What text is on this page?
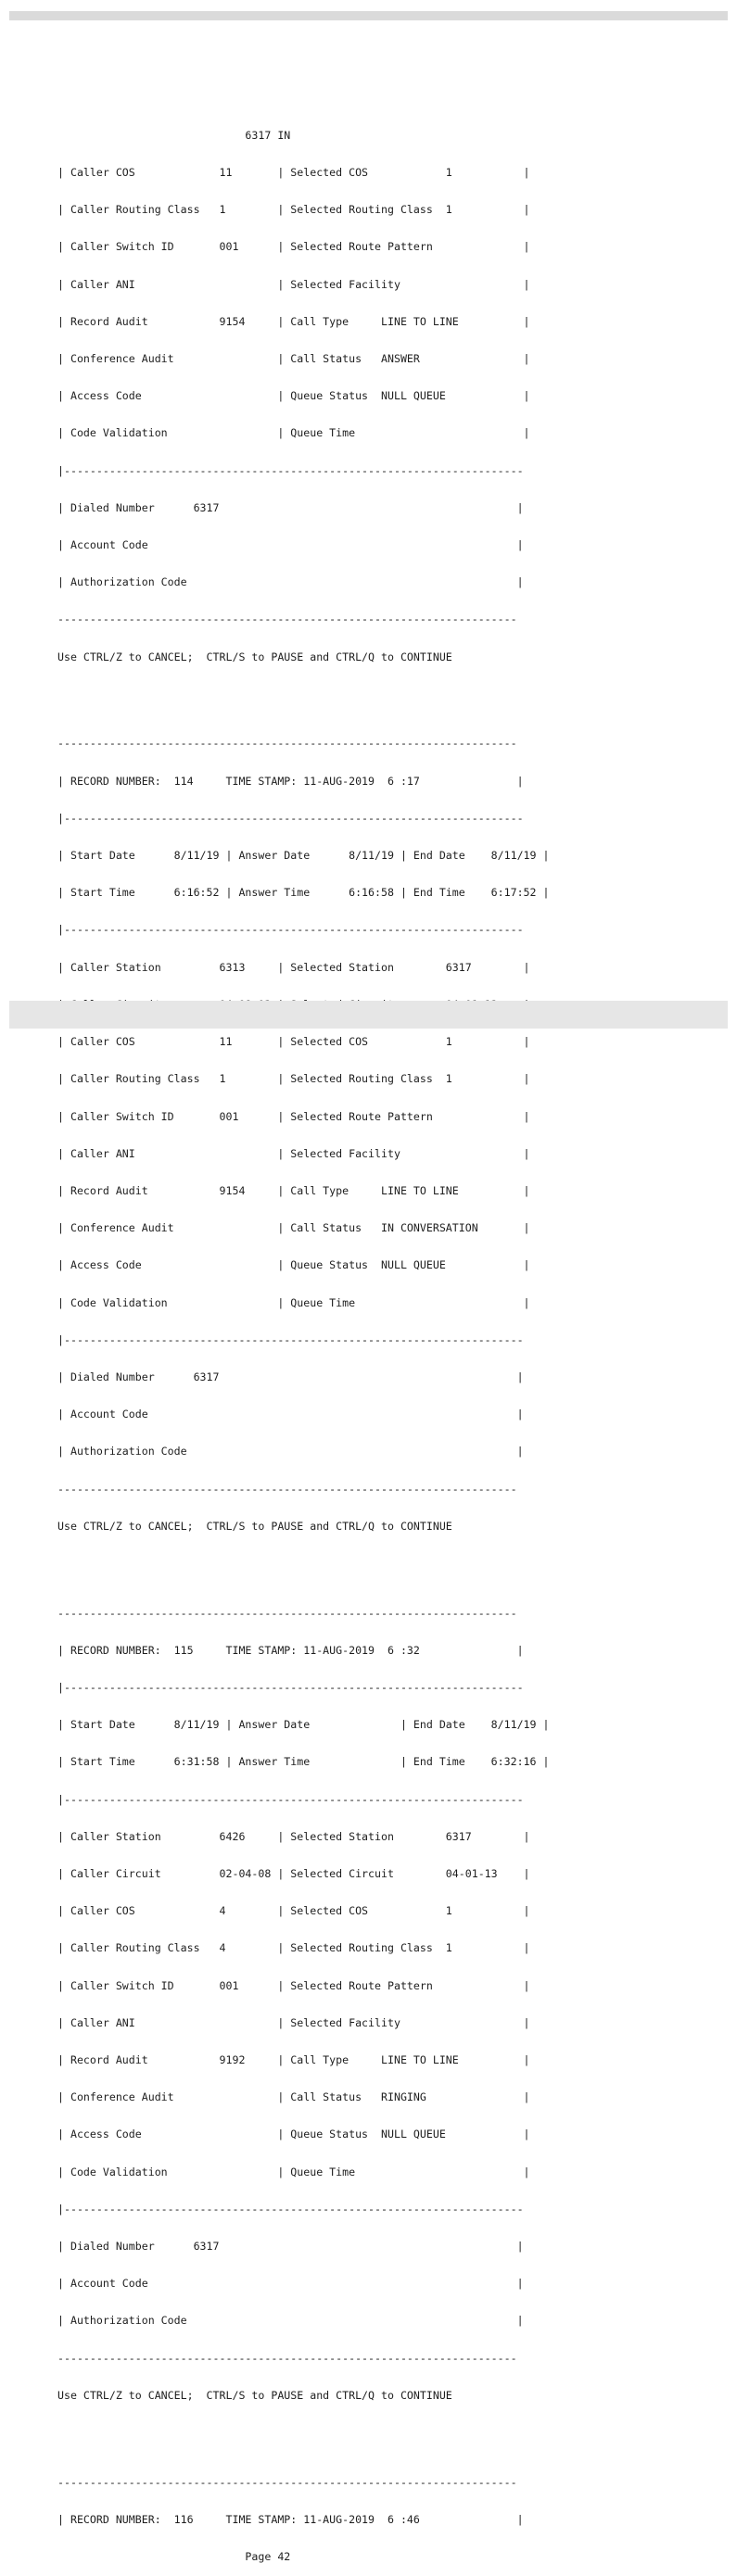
6317 IN

| Caller COS             11       | Selected COS            1           |

| Caller Routing Class   1        | Selected Routing Class  1           |

| Caller Switch ID       001      | Selected Route Pattern              |

| Caller ANI                      | Selected Facility                   |

| Record Audit           9154     | Call Type     LINE TO LINE          |

| Conference Audit                | Call Status   ANSWER                |

| Access Code                     | Queue Status  NULL QUEUE            |

| Code Validation                 | Queue Time                          |

|-----------------------------------------------------------------------

| Dialed Number      6317                                              |

| Account Code                                                         |

| Authorization Code                                                   |

-----------------------------------------------------------------------

Use CTRL/Z to CANCEL;  CTRL/S to PAUSE and CTRL/Q to CONTINUE

-----------------------------------------------------------------------

| RECORD NUMBER:  114     TIME STAMP: 11-AUG-2019  6 :17               |

|-----------------------------------------------------------------------

| Start Date      8/11/19 | Answer Date      8/11/19 | End Date    8/11/19 |

| Start Time      6:16:52 | Answer Time      6:16:58 | End Time    6:17:52 |

|-----------------------------------------------------------------------

| Caller Station         6313     | Selected Station        6317        |

| Caller COS             11       | Selected COS            1           |

| Caller Routing Class   1        | Selected Routing Class  1           |

| Caller Switch ID       001      | Selected Route Pattern              |

| Caller ANI                      | Selected Facility                   |

| Record Audit           9154     | Call Type     LINE TO LINE          |

| Conference Audit                | Call Status   IN CONVERSATION       |

| Access Code                     | Queue Status  NULL QUEUE            |

| Code Validation                 | Queue Time                          |

|-----------------------------------------------------------------------

| Dialed Number      6317                                              |

| Account Code                                                         |

| Authorization Code                                                   |

-----------------------------------------------------------------------

Use CTRL/Z to CANCEL;  CTRL/S to PAUSE and CTRL/Q to CONTINUE

-----------------------------------------------------------------------

| RECORD NUMBER:  115     TIME STAMP: 11-AUG-2019  6 :32               |

|-----------------------------------------------------------------------

| Start Date      8/11/19 | Answer Date              | End Date    8/11/19 |

| Start Time      6:31:58 | Answer Time              | End Time    6:32:16 |

|-----------------------------------------------------------------------

| Caller Station         6426     | Selected Station        6317        |

| Caller Circuit         02-04-08 | Selected Circuit        04-01-13    |

| Caller COS             4        | Selected COS            1           |

| Caller Routing Class   4        | Selected Routing Class  1           |

| Caller Switch ID       001      | Selected Route Pattern              |

| Caller ANI                      | Selected Facility                   |

| Record Audit           9192     | Call Type     LINE TO LINE          |

| Conference Audit                | Call Status   RINGING               |

| Access Code                     | Queue Status  NULL QUEUE            |

| Code Validation                 | Queue Time                          |

|-----------------------------------------------------------------------

| Dialed Number      6317                                              |

| Account Code                                                         |

| Authorization Code                                                   |

-----------------------------------------------------------------------

Use CTRL/Z to CANCEL;  CTRL/S to PAUSE and CTRL/Q to CONTINUE

-----------------------------------------------------------------------

| RECORD NUMBER:  116     TIME STAMP: 11-AUG-2019  6 :46               |

Page 42
